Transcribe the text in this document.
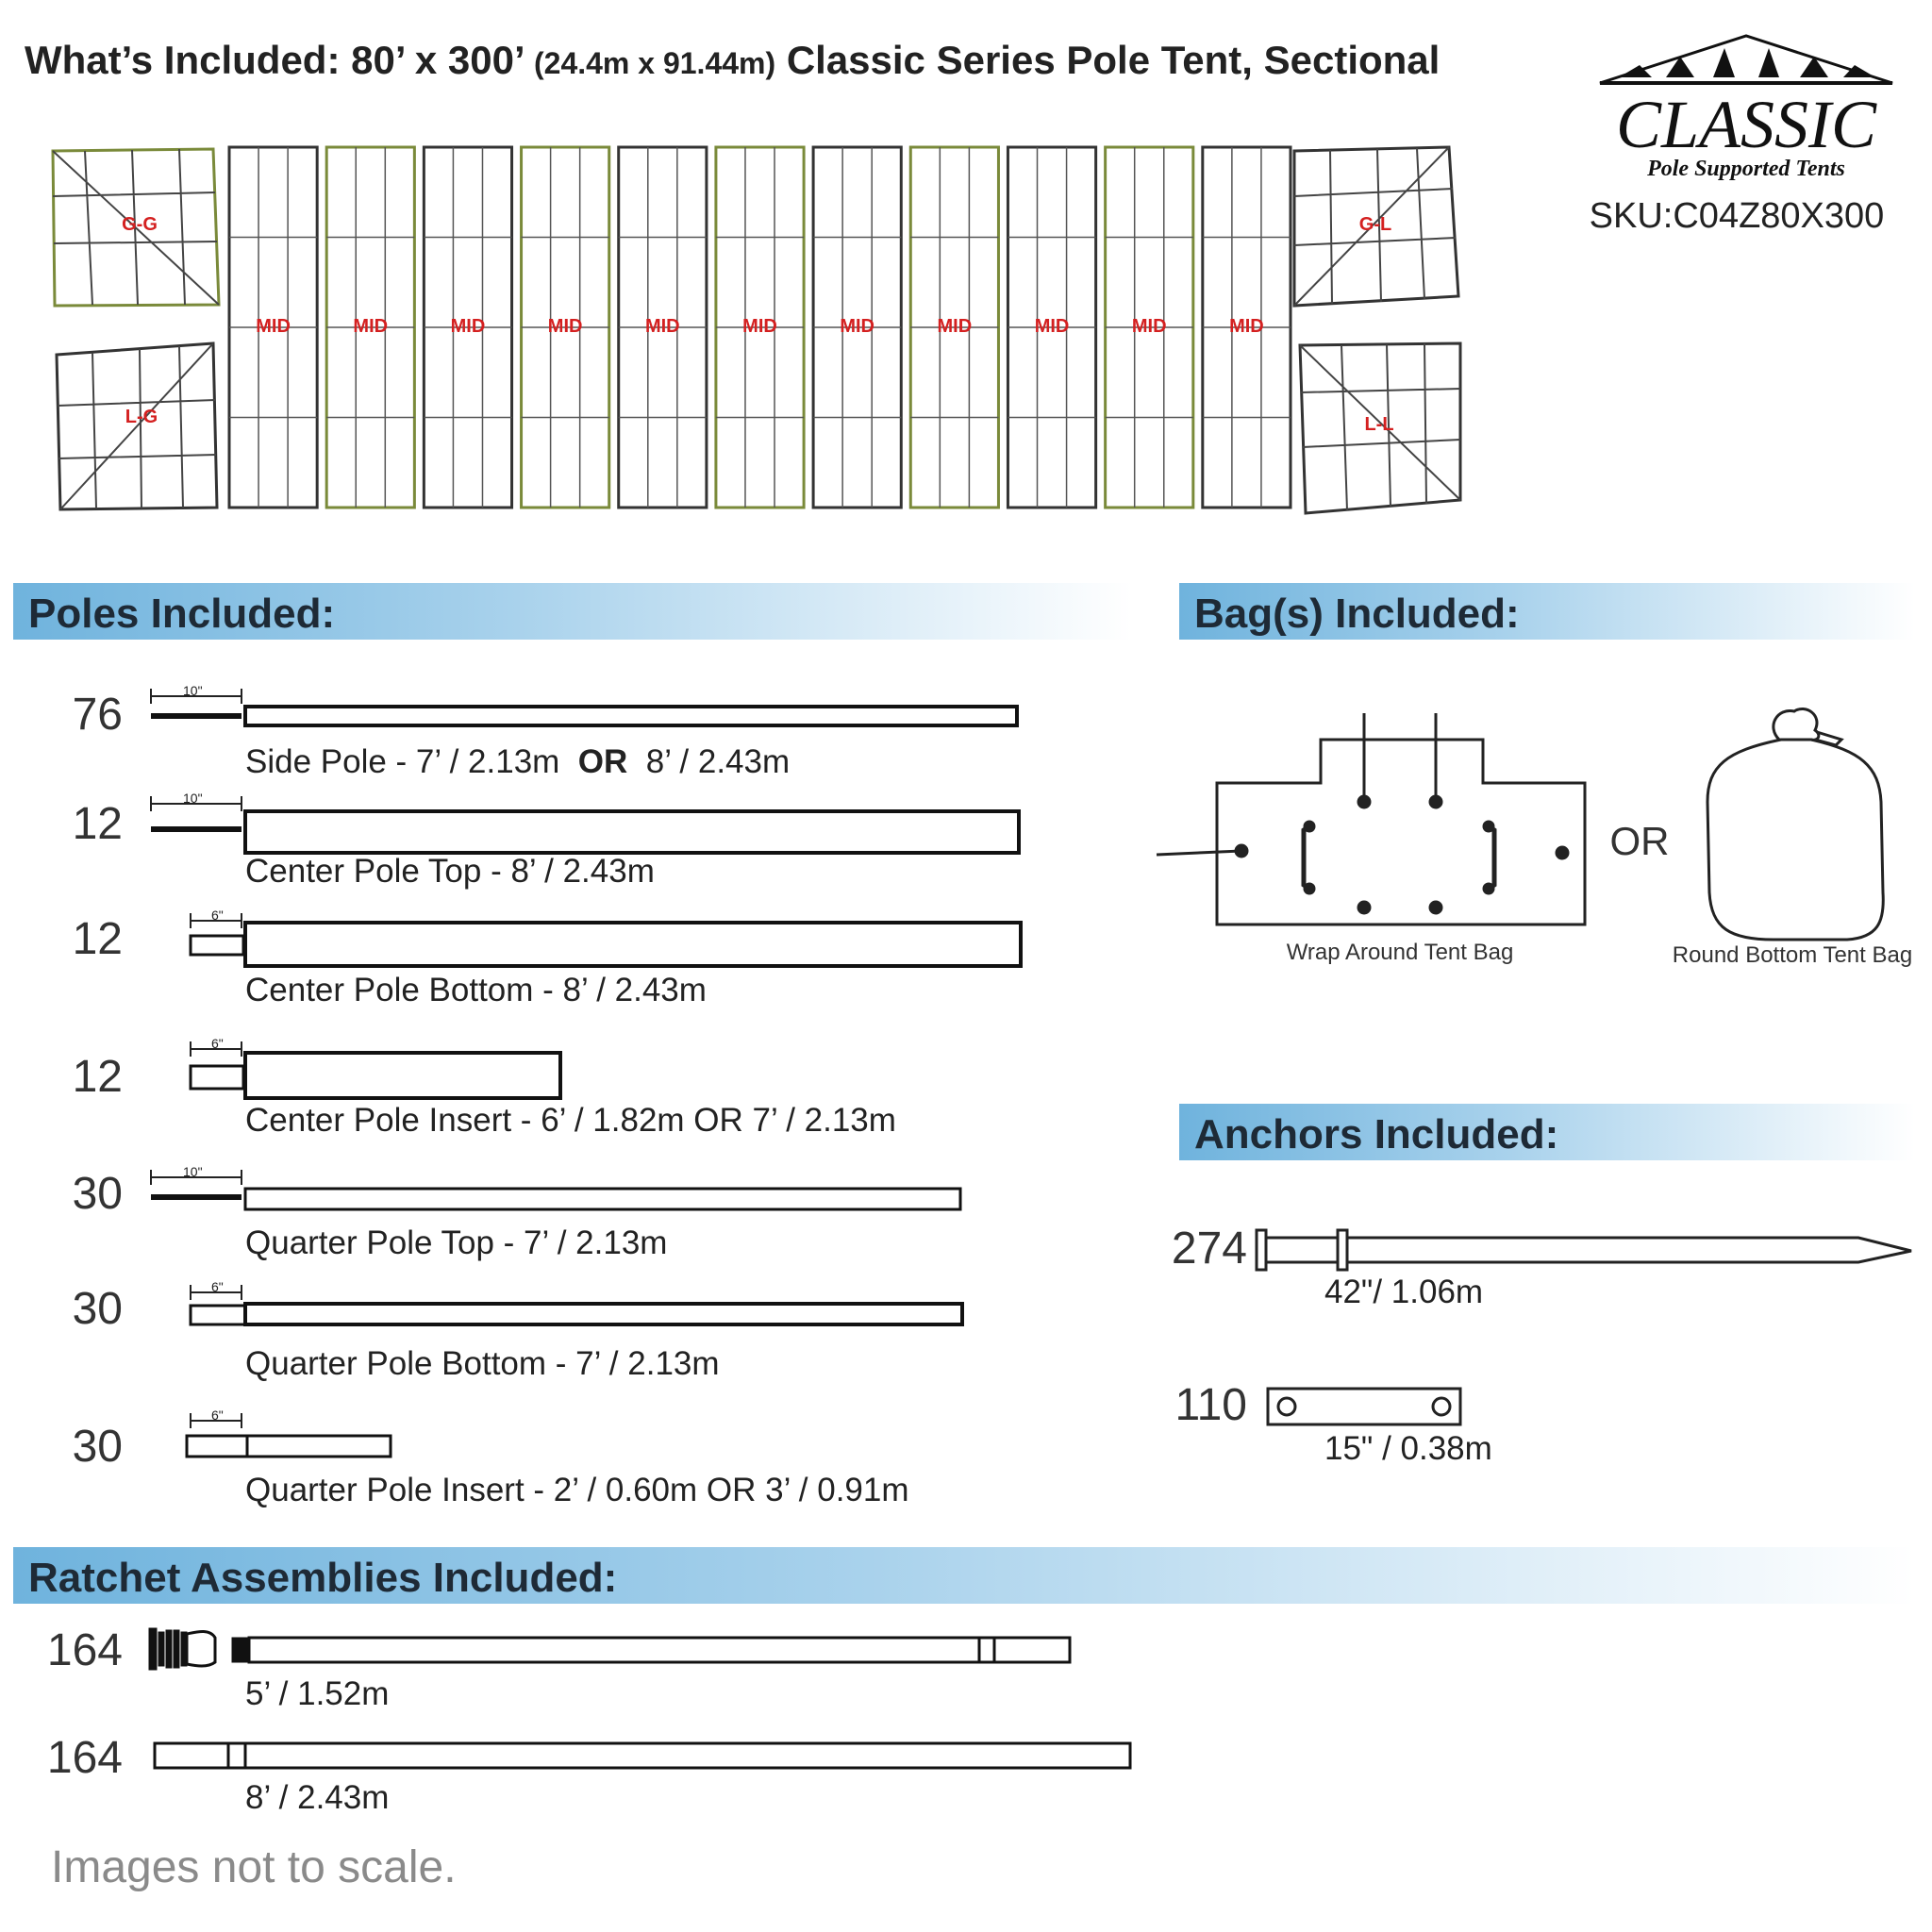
What’s Included: 80’ x 300’ (24.4m x 91.44m) Classic Series Pole Tent, Sectional
CLASSIC
Pole Supported Tents
SKU:C04Z80X300
MID	MID	MID	MID	MID	MID	MID	MID	MID	MID	MID
G-G
L-G
G-L
L-L
Poles Included:	Bag(s) Included:
Anchors Included:
Ratchet Assemblies Included:
76	10"
Side Pole - 7’ / 2.13m OR 8’ / 2.43m
12
10"
Center Pole Top - 8’ / 2.43m
12	6"
Center Pole Bottom - 8’ / 2.43m
12
6"
Center Pole Insert - 6’ / 1.82m OR 7’ / 2.13m
30	10"
Quarter Pole Top - 7’ / 2.13m
30	6"
Quarter Pole Bottom - 7’ / 2.13m
30
6"
Quarter Pole Insert - 2’ / 0.60m OR 3’ / 0.91m
Wrap Around Tent Bag
OR
Round Bottom Tent Bag
274
42"/ 1.06m
110
15" / 0.38m
164
5’ / 1.52m
164
8’ / 2.43m
Images not to scale.
